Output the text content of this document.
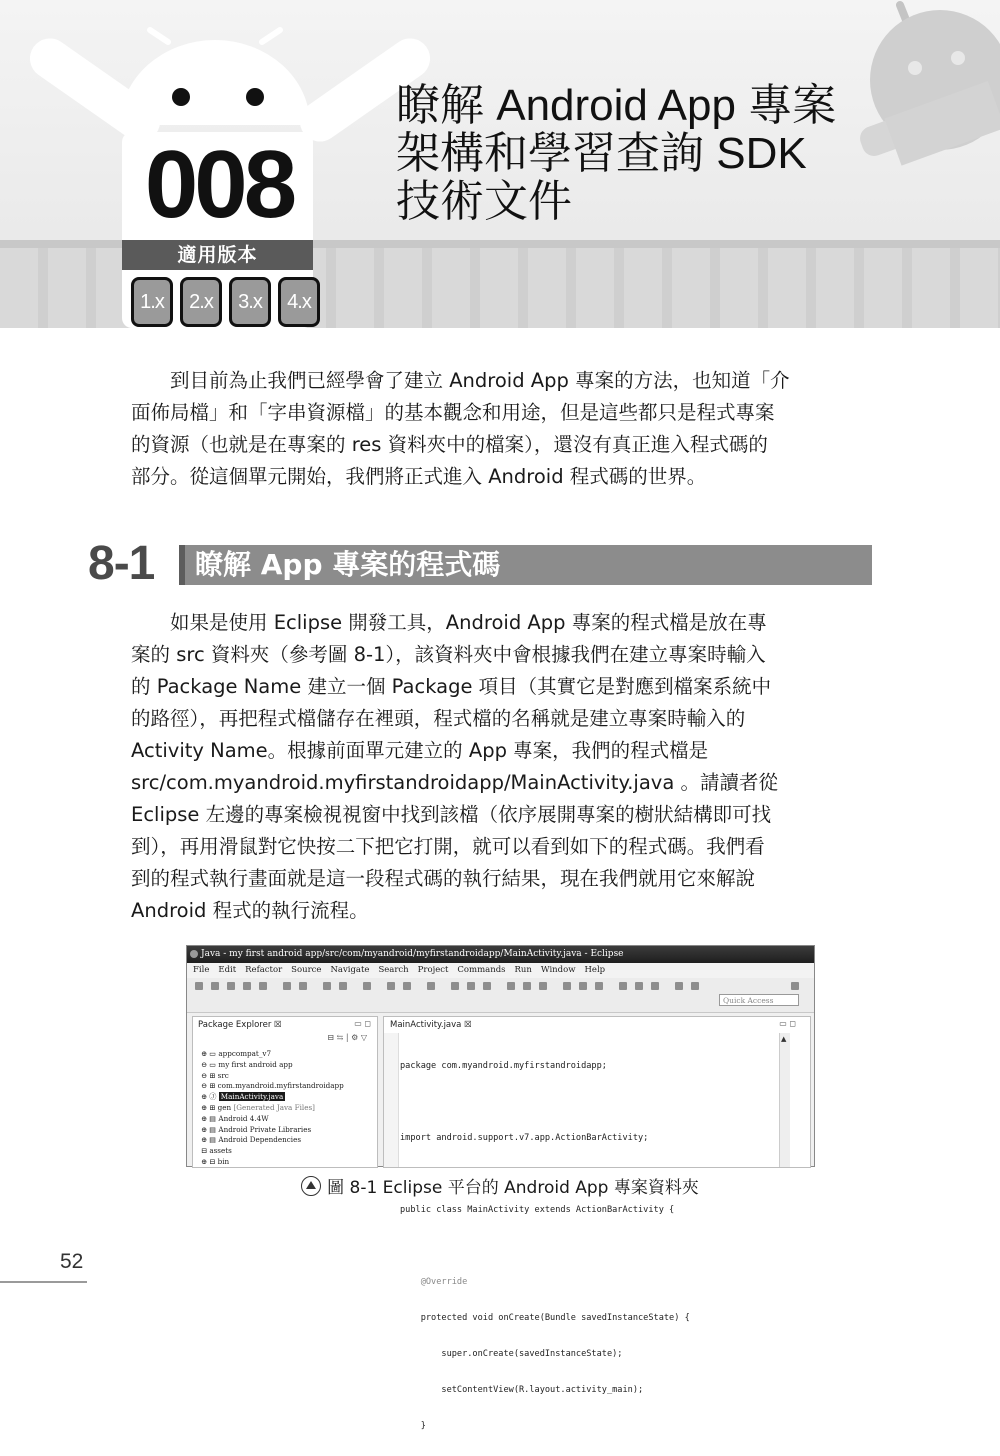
008
適用版本
1.x	2.x	3.x	4.x
瞭解 Android App 專案
架構和學習查詢 SDK
技術文件
到目前為止我們已經學會了建立 Android App 專案的方法，也知道「介
面佈局檔」和「字串資源檔」的基本觀念和用途，但是這些都只是程式專案
的資源（也就是在專案的 res 資料夾中的檔案），還沒有真正進入程式碼的
部分。從這個單元開始，我們將正式進入 Android 程式碼的世界。
8-1	瞭解 App 專案的程式碼
如果是使用 Eclipse 開發工具，Android App 專案的程式檔是放在專
案的 src 資料夾（參考圖 8-1），該資料夾中會根據我們在建立專案時輸入
的 Package Name 建立一個 Package 項目（其實它是對應到檔案系統中
的路徑），再把程式檔儲存在裡頭，程式檔的名稱就是建立專案時輸入的
Activity Name。根據前面單元建立的 App 專案，我們的程式檔是
src/com.myandroid.myfirstandroidapp/MainActivity.java 。請讀者從
Eclipse 左邊的專案檢視視窗中找到該檔（依序展開專案的樹狀結構即可找
到），再用滑鼠對它快按二下把它打開，就可以看到如下的程式碼。我們看
到的程式執行畫面就是這一段程式碼的執行結果，現在我們就用它來解說
Android 程式的執行流程。
Java - my first android app/src/com/myandroid/myfirstandroidapp/MainActivity.java - Eclipse
File Edit Refactor Source Navigate Search Project Commands Run Window Help
Quick Access
Package Explorer ☒	▭ ◻
⊟ ⇆ | ⚙ ▽
⊕ ▭ appcompat_v7
⊖ ▭ my first android app
⊖ ⊞ src
⊖ ⊞ com.myandroid.myfirstandroidapp
⊕ Ⓙ MainActivity.java
⊕ ⊞ gen [Generated Java Files]
⊕ ▤ Android 4.4W
⊕ ▤ Android Private Libraries
⊕ ▤ Android Dependencies
⊟ assets
⊕ ⊟ bin
MainActivity.java ☒	▭ ◻

package com.myandroid.myfirstandroidapp;

import android.support.v7.app.ActionBarActivity;

public class MainActivity extends ActionBarActivity {

@Override

protected void onCreate(Bundle savedInstanceState) {

super.onCreate(savedInstanceState);

setContentView(R.layout.activity_main);

}

▲
圖 8-1 Eclipse 平台的 Android App 專案資料夾
52
